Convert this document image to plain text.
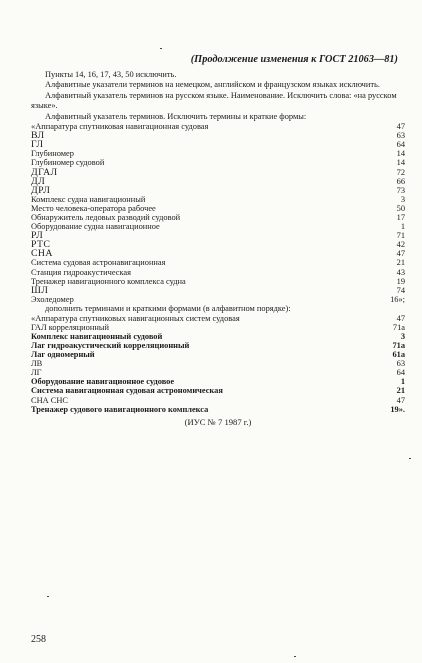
(Продолжение изменения к ГОСТ 21063—81)

Пункты 14, 16, 17, 43, 50 исключить.

Алфавитные указатели терминов на немецком, английском и французском языках исключить.

Алфавитный указатель терминов на русском языке. Наименование. Исключить слова: «на русском языке».

Алфавитный указатель терминов. Исключить термины и краткие формы:

«Аппаратура спутниковая навигационная судовая	47
ВЛ	63
ГЛ	64
Глубиномер	14
Глубиномер судовой	14
ДГАЛ	72
ДЛ	66
ДРЛ	73
Комплекс судна навигационный	3
Место человека-оператора рабочее	50
Обнаружитель ледовых разводий судовой	17
Оборудование судна навигационное	1
РЛ	71
РТС	42
СНА	47
Система судовая астронавигационная	21
Станция гидроакустическая	43
Тренажер навигационного комплекса судна	19
ШЛ	74
Эхоледомер	16»;

дополнить терминами и краткими формами (в алфавитном порядке):

«Аппаратура спутниковых навигационных систем судовая	47
ГАЛ корреляционный	71а
Комплекс навигационный судовой	3
Лаг гидроакустический корреляционный	71а
Лаг одномерный	61а
ЛВ	63
ЛГ	64
Оборудование навигационное судовое	1
Система навигационная судовая астрономическая	21
СНА СНС	47
Тренажер судового навигационного комплекса	19».
(ИУС № 7 1987 г.)
258
